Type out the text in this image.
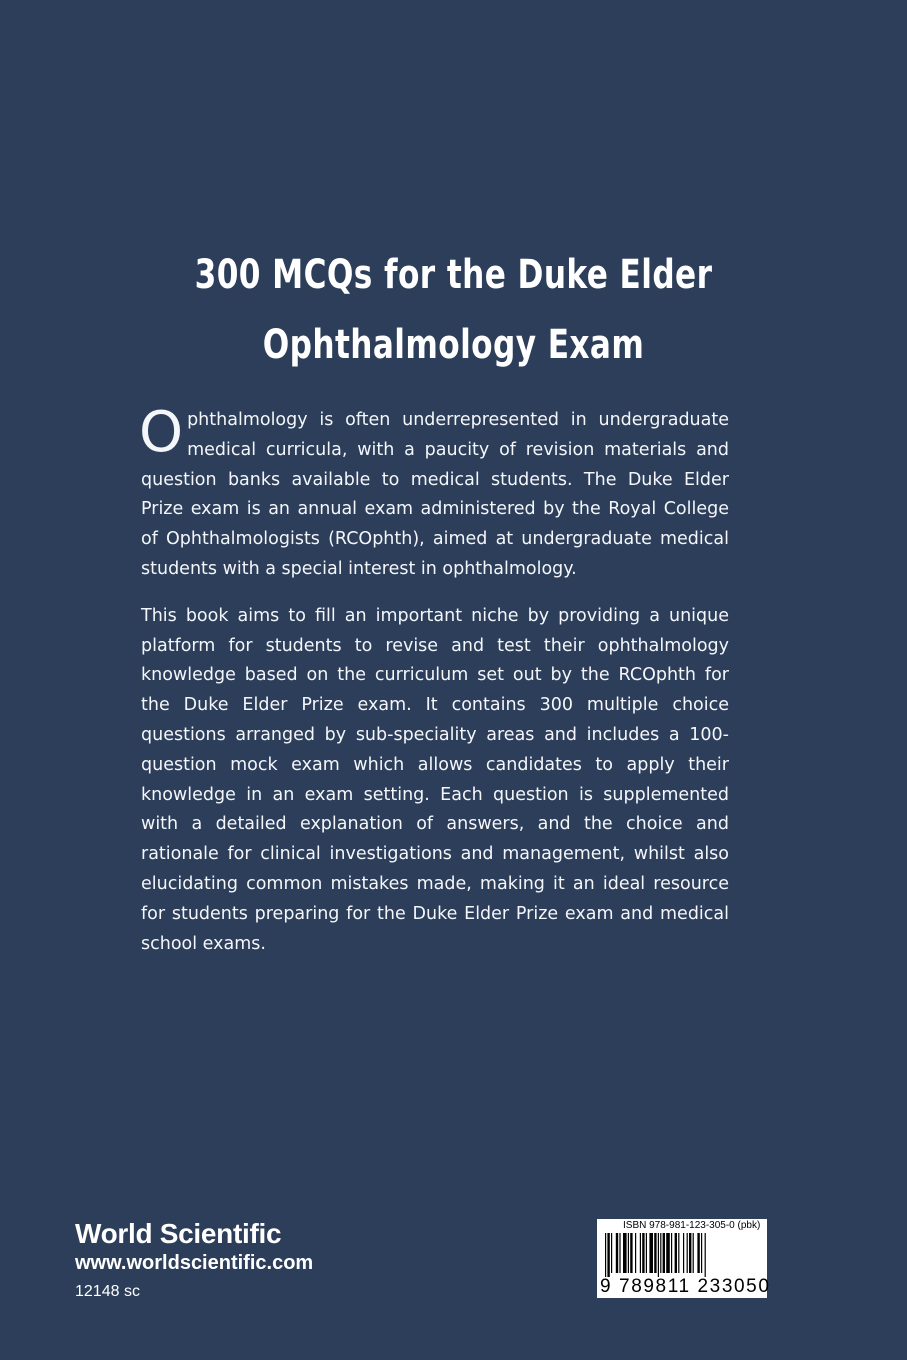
300 MCQs for the Duke Elder
Ophthalmology Exam

Ophthalmology is often underrepresented in undergraduate medical curricula, with a paucity of revision materials and question banks available to medical students. The Duke Elder Prize exam is an annual exam administered by the Royal College of Ophthalmologists (RCOphth), aimed at undergraduate medical students with a special interest in ophthalmology.

This book aims to fill an important niche by providing a unique platform for students to revise and test their ophthalmology knowledge based on the curriculum set out by the RCOphth for the Duke Elder Prize exam. It contains 300 multiple choice questions arranged by sub-speciality areas and includes a 100-question mock exam which allows candidates to apply their knowledge in an exam setting. Each question is supplemented with a detailed explanation of answers, and the choice and rationale for clinical investigations and management, whilst also elucidating common mistakes made, making it an ideal resource for students preparing for the Duke Elder Prize exam and medical school exams.

World Scientific
www.worldscientific.com
12148 sc
ISBN 978-981-123-305-0 (pbk)
9 789811 233050
